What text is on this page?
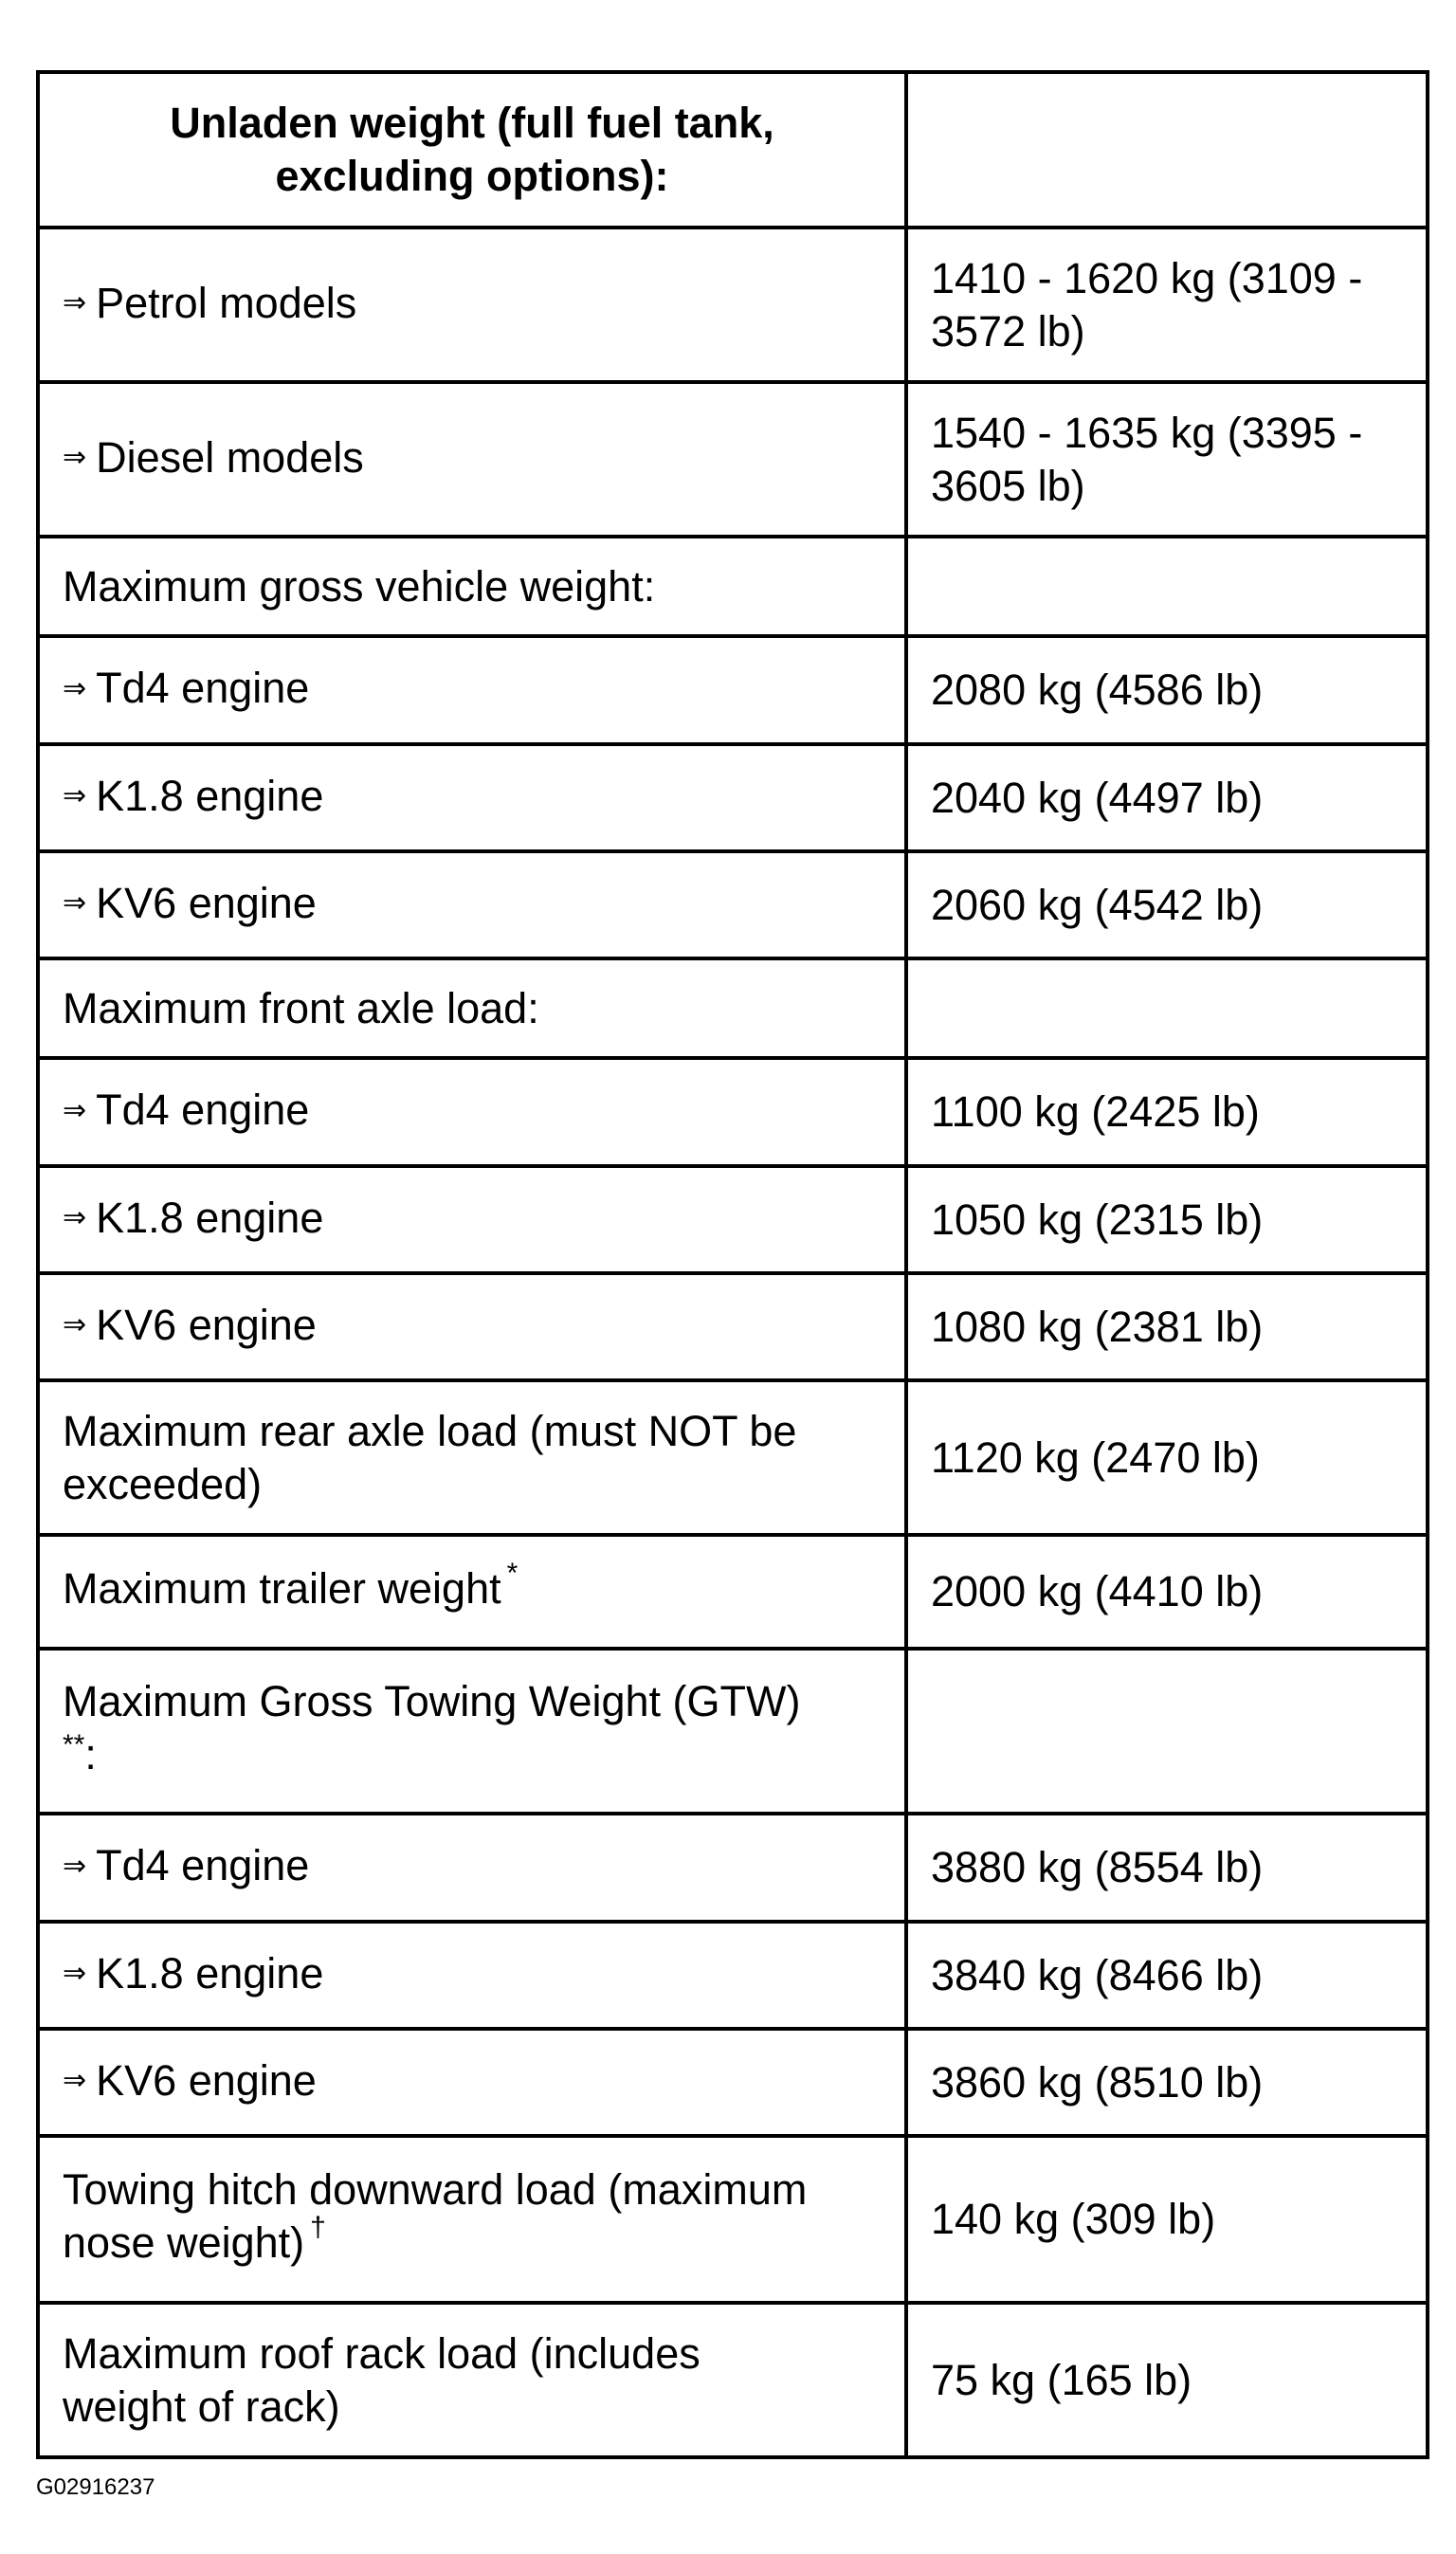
Unladen weight (full fuel tank, excluding options):	

⇒ Petrol models	1410 - 1620 kg (3109 - 3572 lb)
⇒ Diesel models	1540 - 1635 kg (3395 - 3605 lb)
Maximum gross vehicle weight:	
⇒ Td4 engine	2080 kg (4586 lb)
⇒ K1.8 engine	2040 kg (4497 lb)
⇒ KV6 engine	2060 kg (4542 lb)
Maximum front axle load:	
⇒ Td4 engine	1100 kg (2425 lb)
⇒ K1.8 engine	1050 kg (2315 lb)
⇒ KV6 engine	1080 kg (2381 lb)

Maximum rear axle load (must NOT be exceeded)	1120 kg (2470 lb)
Maximum trailer weight *	2000 kg (4410 lb)

Maximum Gross Towing Weight (GTW)
**:	

⇒ Td4 engine	3880 kg (8554 lb)
⇒ K1.8 engine	3840 kg (8466 lb)
⇒ KV6 engine	3860 kg (8510 lb)
Towing hitch downward load (maximum nose weight) †	140 kg (309 lb)

Maximum roof rack load (includes weight of rack)	75 kg (165 lb)
G02916237
